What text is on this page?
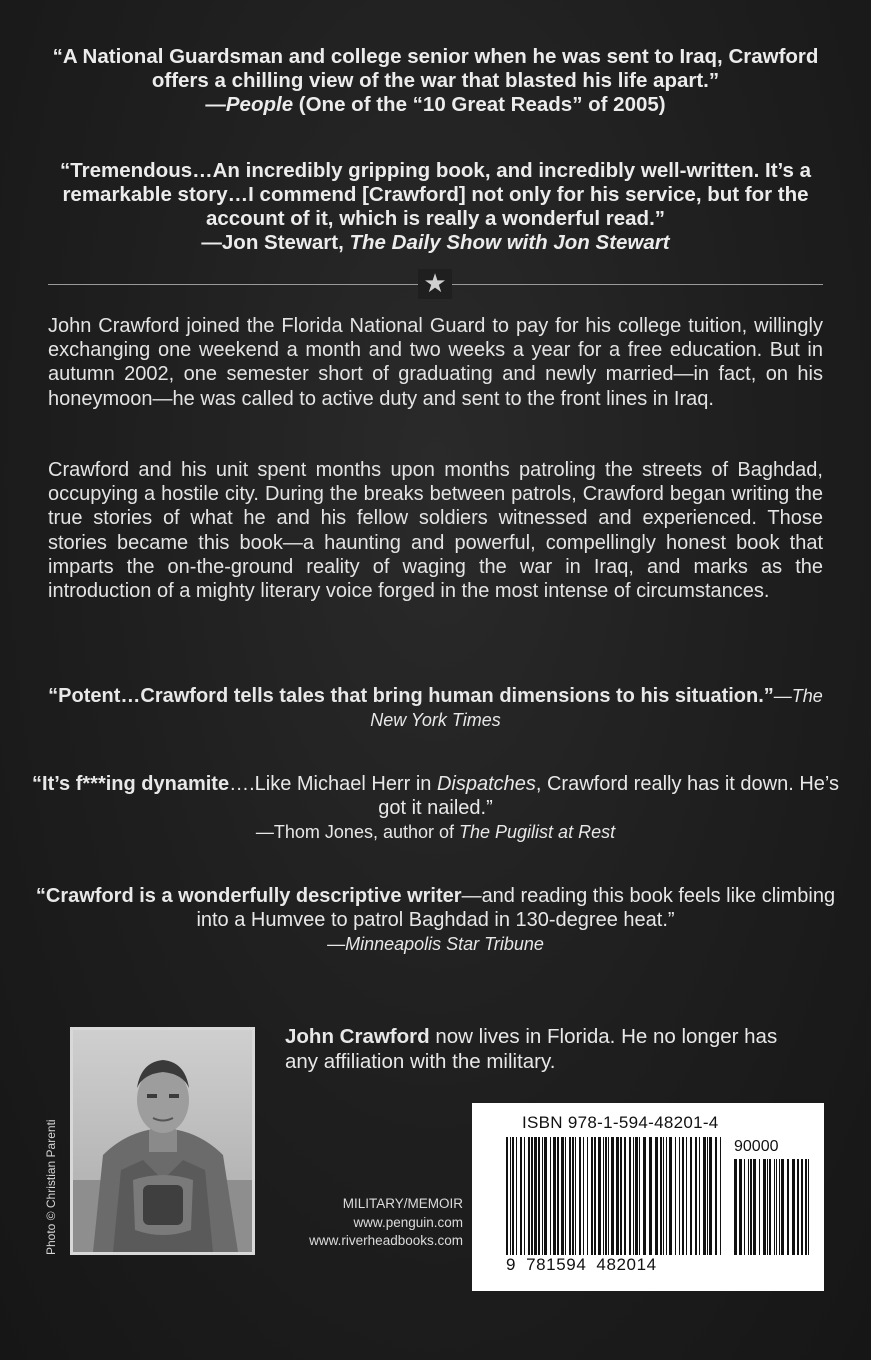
“A National Guardsman and college senior when he was sent to Iraq, Crawford offers a chilling view of the war that blasted his life apart.”
—People (One of the “10 Great Reads” of 2005)

“Tremendous…An incredibly gripping book, and incredibly well-written. It’s a remarkable story…I commend [Crawford] not only for his service, but for the account of it, which is really a wonderful read.”
—Jon Stewart, The Daily Show with Jon Stewart

★

John Crawford joined the Florida National Guard to pay for his college tuition, willingly exchanging one weekend a month and two weeks a year for a free education. But in autumn 2002, one semester short of graduating and newly married—in fact, on his honeymoon—he was called to active duty and sent to the front lines in Iraq.

Crawford and his unit spent months upon months patroling the streets of Baghdad, occupying a hostile city. During the breaks between patrols, Crawford began writing the true stories of what he and his fellow soldiers witnessed and experienced. Those stories became this book—a haunting and powerful, compellingly honest book that imparts the on-the-ground reality of waging the war in Iraq, and marks as the introduction of a mighty literary voice forged in the most intense of circumstances.

“Potent…Crawford tells tales that bring human dimensions to his situation.”—The New York Times

“It’s f***ing dynamite….Like Michael Herr in Dispatches, Crawford really has it down. He’s got it nailed.”
—Thom Jones, author of The Pugilist at Rest

“Crawford is a wonderfully descriptive writer—and reading this book feels like climbing into a Humvee to patrol Baghdad in 130-degree heat.”
—Minneapolis Star Tribune

Photo © Christian Parenti

John Crawford now lives in Florida. He no longer has any affiliation with the military.

MILITARY/MEMOIR
www.penguin.com
www.riverheadbooks.com
ISBN 978-1-594-48201-4
90000
9 781594 482014
